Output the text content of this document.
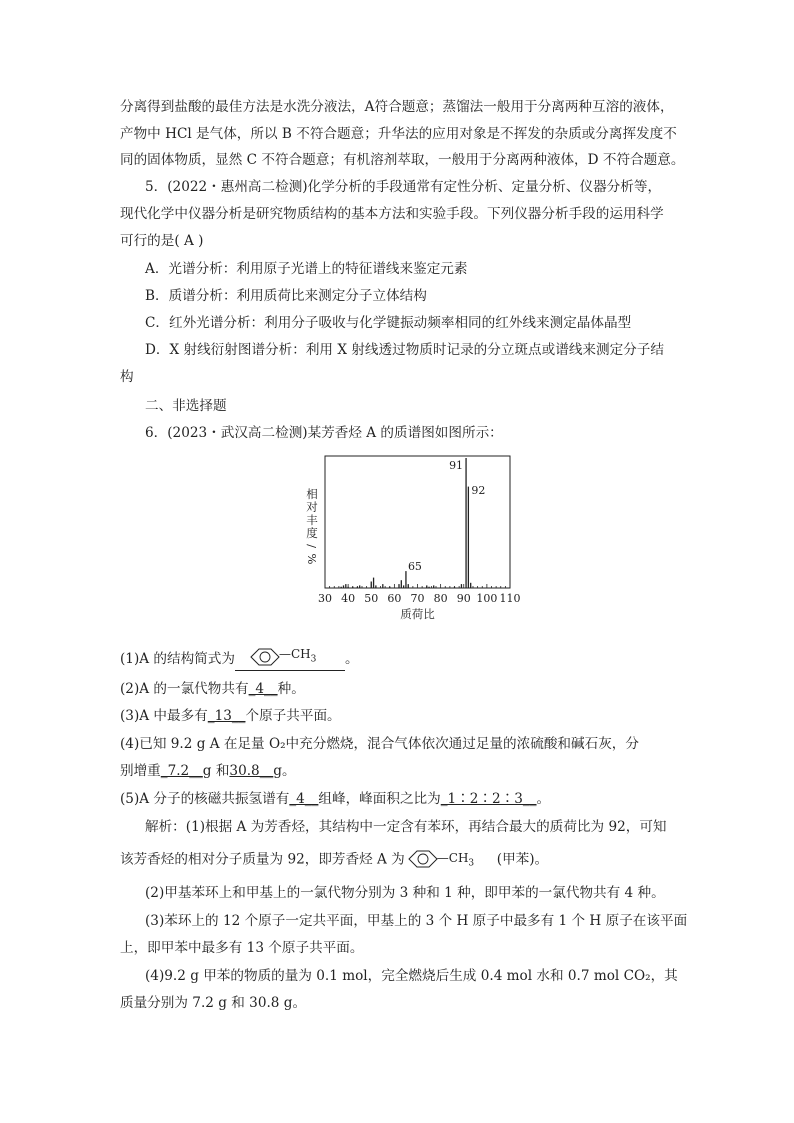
分离得到盐酸的最佳方法是水洗分液法，A符合题意；蒸馏法一般用于分离两种互溶的液体，
产物中 HCl 是气体，所以 B 不符合题意；升华法的应用对象是不挥发的杂质或分离挥发度不
同的固体物质，显然 C 不符合题意；有机溶剂萃取，一般用于分离两种液体，D 不符合题意。
5．(2022・惠州高二检测)化学分析的手段通常有定性分析、定量分析、仪器分析等，
现代化学中仪器分析是研究物质结构的基本方法和实验手段。下列仪器分析手段的运用科学
可行的是( A )
A．光谱分析：利用原子光谱上的特征谱线来鉴定元素
B．质谱分析：利用质荷比来测定分子立体结构
C．红外光谱分析：利用分子吸收与化学键振动频率相同的红外线来测定晶体晶型
D．X 射线衍射图谱分析：利用 X 射线透过物质时记录的分立斑点或谱线来测定分子结
构
二、非选择题
6．(2023・武汉高二检测)某芳香烃 A 的质谱图如图所示：
30 40 50 60 70 80 90 100 110
91
92
65
质荷比
相
对
丰
度
/
%
(1)A 的结构简式为	$—CH_3$ 。
(2)A 的一氯代物共有_4__种。
(3)A 中最多有_13__个原子共平面。
(4)已知 9.2 g A 在足量 O₂中充分燃烧，混合气体依次通过足量的浓硫酸和碱石灰，分
别增重_7.2__g 和30.8__g。
(5)A 分子的核磁共振氢谱有_4__组峰，峰面积之比为_1∶2∶2∶3__。
解析：(1)根据 A 为芳香烃，其结构中一定含有苯环，再结合最大的质荷比为 92，可知
该芳香烃的相对分子质量为 92，即芳香烃 A 为	$—CH_3$ (甲苯)。
(2)甲基苯环上和甲基上的一氯代物分别为 3 种和 1 种，即甲苯的一氯代物共有 4 种。
(3)苯环上的 12 个原子一定共平面，甲基上的 3 个 H 原子中最多有 1 个 H 原子在该平面
上，即甲苯中最多有 13 个原子共平面。
(4)9.2 g 甲苯的物质的量为 0.1 mol，完全燃烧后生成 0.4 mol 水和 0.7 mol CO₂，其
质量分别为 7.2 g 和 30.8 g。
